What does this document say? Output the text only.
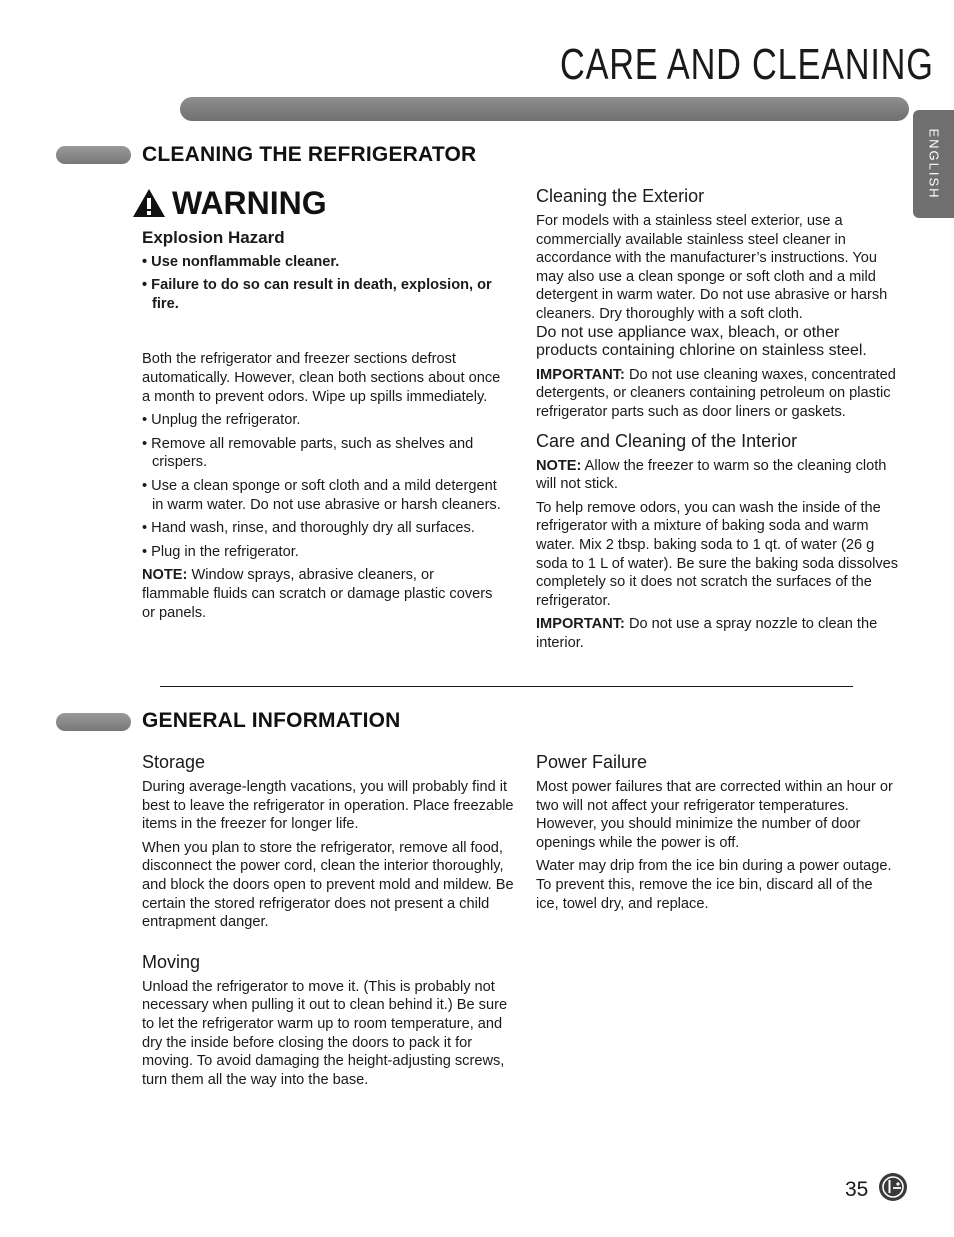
CARE AND CLEANING
ENGLISH
CLEANING THE REFRIGERATOR
WARNING

Explosion Hazard

• Use nonflammable cleaner.

• Failure to do so can result in death, explosion, or fire.

Both the refrigerator and freezer sections defrost automatically. However, clean both sections about once a month to prevent odors. Wipe up spills immediately.

• Unplug the refrigerator.

• Remove all removable parts, such as shelves and crispers.

• Use a clean sponge or soft cloth and a mild detergent in warm water. Do not use abrasive or harsh cleaners.

• Hand wash, rinse, and thoroughly dry all surfaces.

• Plug in the refrigerator.

NOTE: Window sprays, abrasive cleaners, or flammable fluids can scratch or damage plastic covers or panels.

Cleaning the Exterior

For models with a stainless steel exterior, use a commercially available stainless steel cleaner in accordance with the manufacturer’s instructions. You may also use a clean sponge or soft cloth and a mild detergent in warm water. Do not use abrasive or harsh cleaners. Dry thoroughly with a soft cloth.

Do not use appliance wax, bleach, or other products containing chlorine on stainless steel.

IMPORTANT: Do not use cleaning waxes, concentrated detergents, or cleaners containing petroleum on plastic refrigerator parts such as door liners or gaskets.

Care and Cleaning of the Interior

NOTE: Allow the freezer to warm so the cleaning cloth will not stick.

To help remove odors, you can wash the inside of the refrigerator with a mixture of baking soda and warm water. Mix 2 tbsp. baking soda to 1 qt. of water (26 g soda to 1 L of water). Be sure the baking soda dissolves completely so it does not scratch the surfaces of the refrigerator.

IMPORTANT: Do not use a spray nozzle to clean the interior.

GENERAL INFORMATION

Storage

During average-length vacations, you will probably find it best to leave the refrigerator in operation. Place freezable items in the freezer for longer life.

When you plan to store the refrigerator, remove all food, disconnect the power cord, clean the interior thoroughly, and block the doors open to prevent mold and mildew. Be certain the stored refrigerator does not present a child entrapment danger.

Moving

Unload the refrigerator to move it. (This is probably not necessary when pulling it out to clean behind it.) Be sure to let the refrigerator warm up to room temperature, and dry the inside before closing the doors to pack it for moving. To avoid damaging the height-adjusting screws, turn them all the way into the base.

Power Failure

Most power failures that are corrected within an hour or two will not affect your refrigerator temperatures. However, you should minimize the number of door openings while the power is off.

Water may drip from the ice bin during a power outage. To prevent this, remove the ice bin, discard all of the ice, towel dry, and replace.

35
